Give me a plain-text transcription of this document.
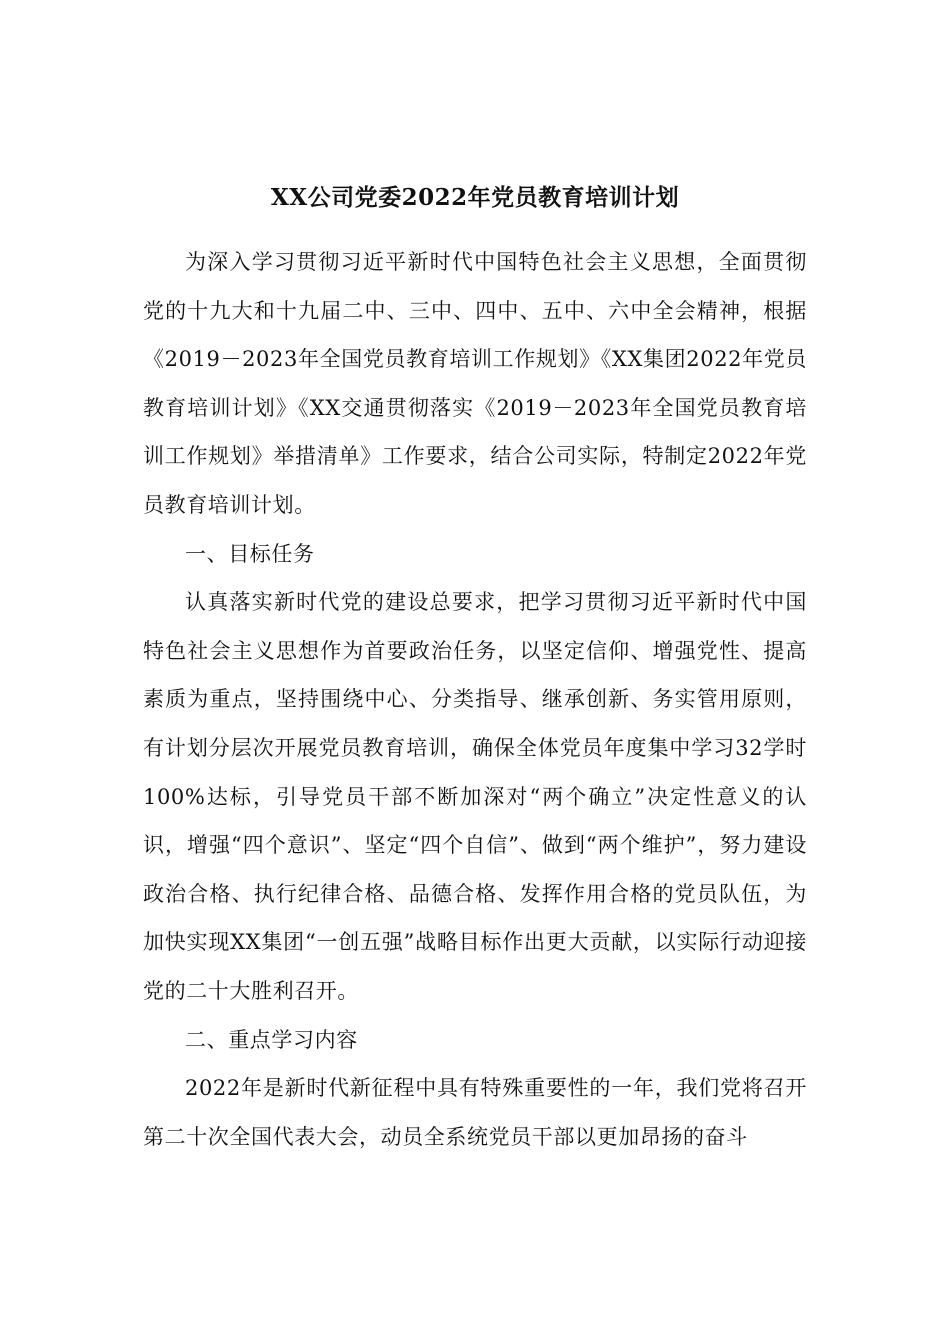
XX公司党委2022年党员教育培训计划

为深入学习贯彻习近平新时代中国特色社会主义思想，全面贯彻党的十九大和十九届二中、三中、四中、五中、六中全会精神，根据《2019－2023年全国党员教育培训工作规划》《XX集团2022年党员教育培训计划》《XX交通贯彻落实《2019－2023年全国党员教育培训工作规划》举措清单》工作要求，结合公司实际，特制定2022年党员教育培训计划。

一、目标任务

认真落实新时代党的建设总要求，把学习贯彻习近平新时代中国特色社会主义思想作为首要政治任务，以坚定信仰、增强党性、提高素质为重点，坚持围绕中心、分类指导、继承创新、务实管用原则，有计划分层次开展党员教育培训，确保全体党员年度集中学习32学时100%达标，引导党员干部不断加深对“两个确立”决定性意义的认识，增强“四个意识”、坚定“四个自信”、做到“两个维护”，努力建设政治合格、执行纪律合格、品德合格、发挥作用合格的党员队伍，为加快实现XX集团“一创五强”战略目标作出更大贡献，以实际行动迎接党的二十大胜利召开。

二、重点学习内容

2022年是新时代新征程中具有特殊重要性的一年，我们党将召开第二十次全国代表大会，动员全系统党员干部以更加昂扬的奋斗
